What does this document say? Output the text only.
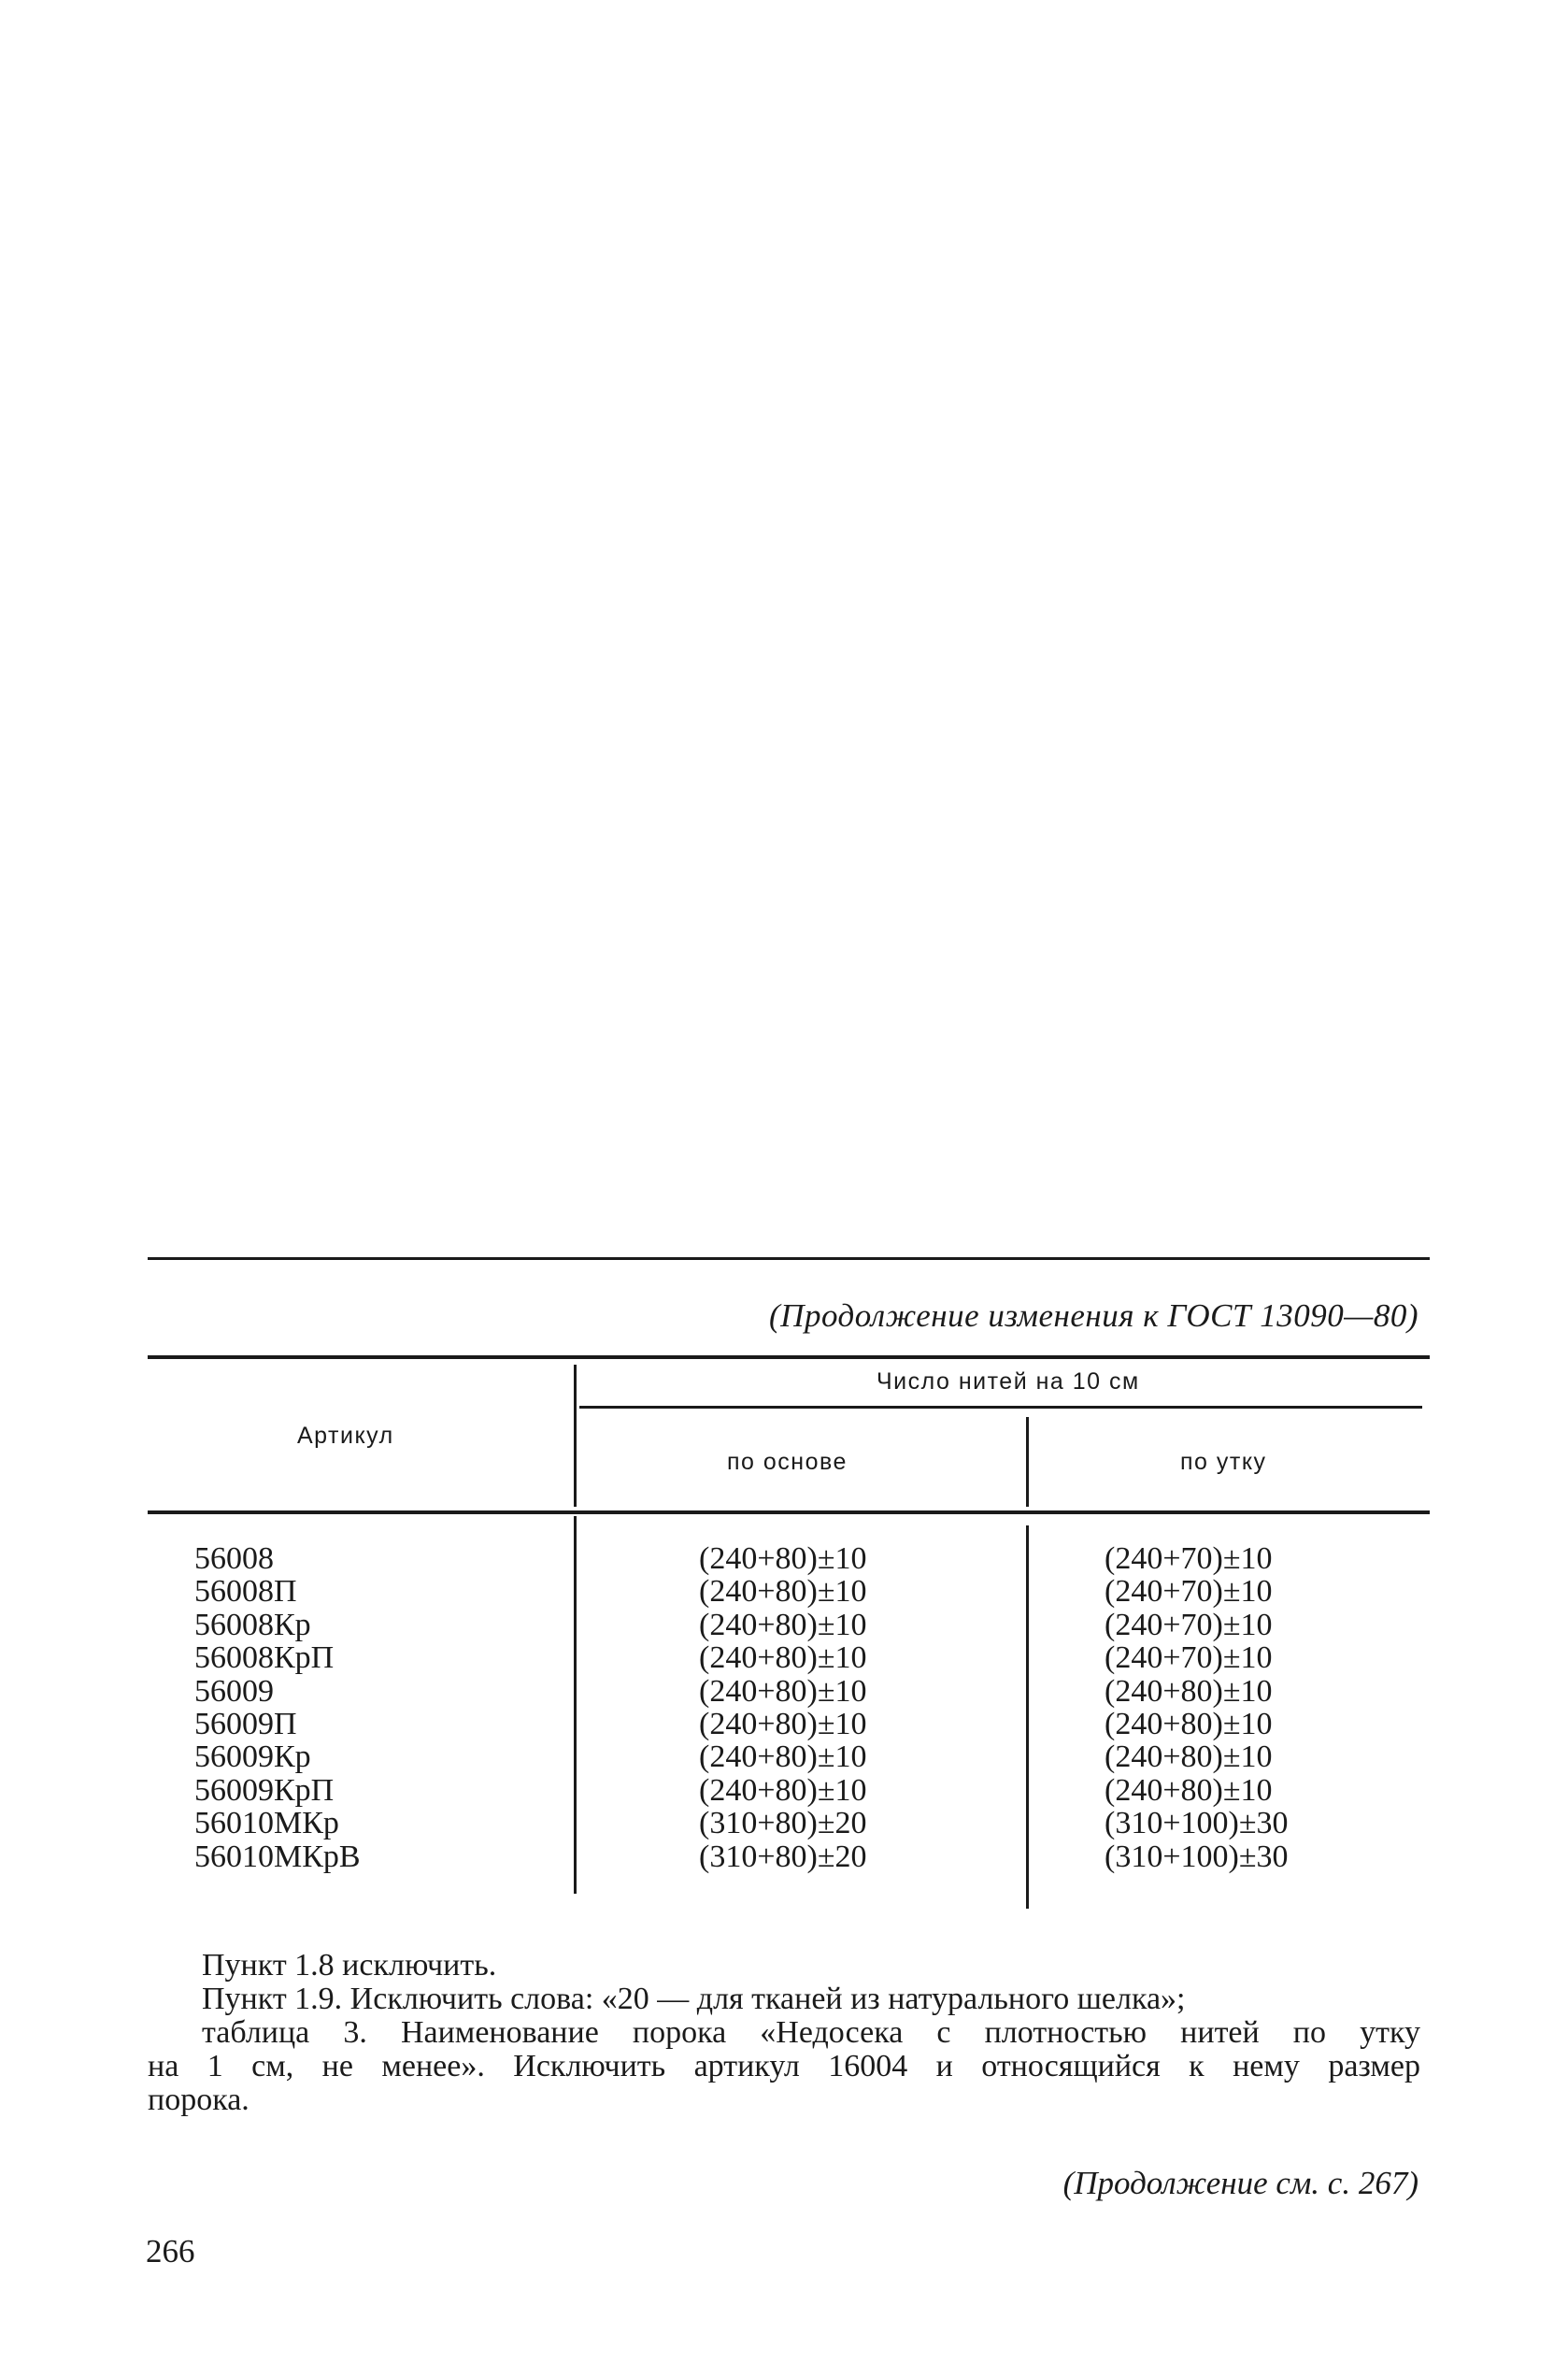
(Продолжение изменения к ГОСТ 13090—80)
Артикул
Число нитей на 10 см
по основе	по утку
56008
56008П
56008Кр
56008КрП
56009
56009П
56009Кр
56009КрП
56010МКр
56010МКрВ
(240+80)±10
(240+80)±10
(240+80)±10
(240+80)±10
(240+80)±10
(240+80)±10
(240+80)±10
(240+80)±10
(310+80)±20
(310+80)±20
(240+70)±10
(240+70)±10
(240+70)±10
(240+70)±10
(240+80)±10
(240+80)±10
(240+80)±10
(240+80)±10
(310+100)±30
(310+100)±30
Пункт 1.8 исключить.
Пункт 1.9. Исключить слова: «20 — для тканей из натурального шелка»;
таблица 3. Наименование порока «Недосека с плотностью нитей по утку
на 1 см, не менее». Исключить артикул 16004 и относящийся к нему размер
порока.
(Продолжение см. с. 267)
266
